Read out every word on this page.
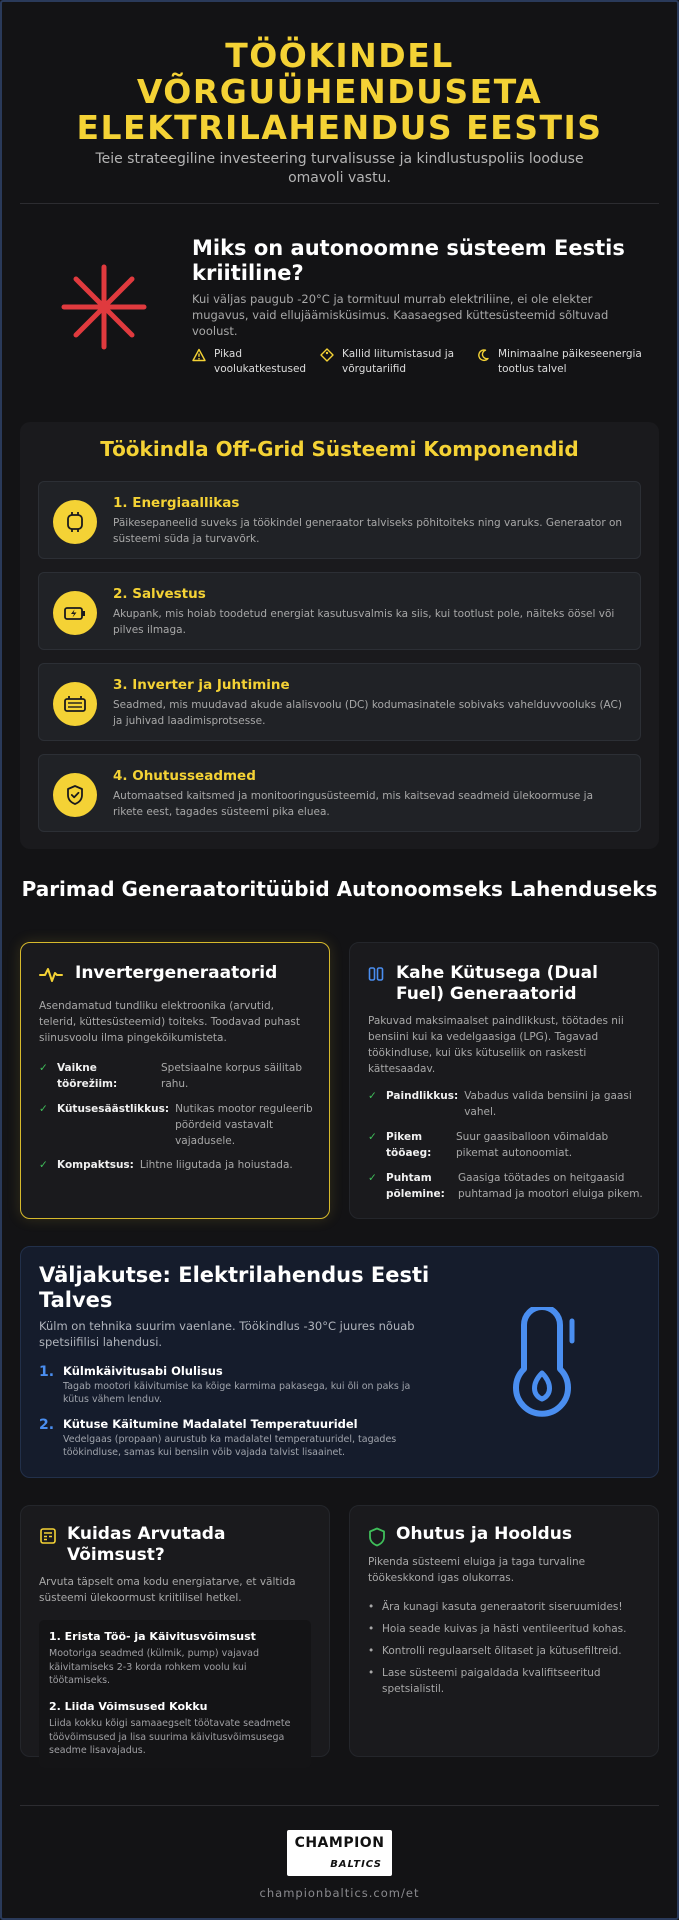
TÖÖKINDEL VÕRGUÜHENDUSETA ELEKTRILAHENDUS EESTIS

Teie strateegiline investeering turvalisusse ja kindlustuspoliis looduse omavoli vastu.

Miks on autonoomne süsteem Eestis kriitiline?

Kui väljas paugub -20°C ja tormituul murrab elektriliine, ei ole elekter mugavus, vaid ellujäämisküsimus. Kaasaegsed küttesüsteemid sõltuvad voolust.

Pikad voolukatkestused
Kallid liitumistasud ja võrgutariifid
Minimaalne päikeseenergia tootlus talvel
Töökindla Off-Grid Süsteemi Komponendid
1. Energiaallikas
Päikesepaneelid suveks ja töökindel generaator talviseks põhitoiteks ning varuks. Generaator on süsteemi süda ja turvavõrk.
2. Salvestus
Akupank, mis hoiab toodetud energiat kasutusvalmis ka siis, kui tootlust pole, näiteks öösel või pilves ilmaga.
3. Inverter ja Juhtimine
Seadmed, mis muudavad akude alalisvoolu (DC) kodumasinatele sobivaks vahelduvvooluks (AC) ja juhivad laadimisprotsesse.
4. Ohutusseadmed
Automaatsed kaitsmed ja monitooringusüsteemid, mis kaitsevad seadmeid ülekoormuse ja rikete eest, tagades süsteemi pika eluea.
Parimad Generaatoritüübid Autonoomseks Lahenduseks
Invertergeneraatorid
Asendamatud tundliku elektroonika (arvutid, telerid, küttesüsteemid) toiteks. Toodavad puhast siinusvoolu ilma pingekõikumisteta.
✓ Vaikne töörežiim:
Spetsiaalne korpus säilitab rahu.
✓ Kütusesäästlikkus: Nutikas mootor reguleerib pöördeid vastavalt vajadusele.
✓ Kompaktsus: Lihtne liigutada ja hoiustada.
Kahe Kütusega (Dual Fuel) Generaatorid
Pakuvad maksimaalset paindlikkust, töötades nii bensiini kui ka vedelgaasiga (LPG). Tagavad töökindluse, kui üks kütuseliik on raskesti kättesaadav.
✓ Paindlikkus: Vabadus valida bensiini ja gaasi vahel.
✓ Pikem tööaeg:
Suur gaasiballoon võimaldab pikemat autonoomiat.
✓ Puhtam põlemine:
Gaasiga töötades on heitgaasid puhtamad ja mootori eluiga pikem.
Väljakutse: Elektrilahendus Eesti Talves

Külm on tehnika suurim vaenlane. Töökindlus -30°C juures nõuab spetsiifilisi lahendusi.

1. Külmkäivitusabi Olulisus
Tagab mootori käivitumise ka kõige karmima pakasega, kui õli on paks ja kütus vähem lenduv.
2. Kütuse Käitumine Madalatel Temperatuuridel
Vedelgaas (propaan) aurustub ka madalatel temperatuuridel, tagades töökindluse, samas kui bensiin võib vajada talvist lisaainet.
Kuidas Arvutada Võimsust?

Arvuta täpselt oma kodu energiatarve, et vältida süsteemi ülekoormust kriitilisel hetkel.

1. Erista Töö- ja Käivitusvõimsust
Mootoriga seadmed (külmik, pump) vajavad käivitamiseks 2-3 korda rohkem voolu kui töötamiseks.
2. Liida Võimsused Kokku
Liida kokku kõigi samaaegselt töötavate seadmete töövõimsused ja lisa suurima käivitusvõimsusega seadme lisavajadus.
Ohutus ja Hooldus

Pikenda süsteemi eluiga ja taga turvaline töökeskkond igas olukorras.

• Ära kunagi kasuta generaatorit siseruumides!
• Hoia seade kuivas ja hästi ventileeritud kohas.
• Kontrolli regulaarselt õlitaset ja kütusefiltreid.
• Lase süsteemi paigaldada kvalifitseeritud spetsialistil.
CHAMPION
BALTICS
championbaltics.com/et
